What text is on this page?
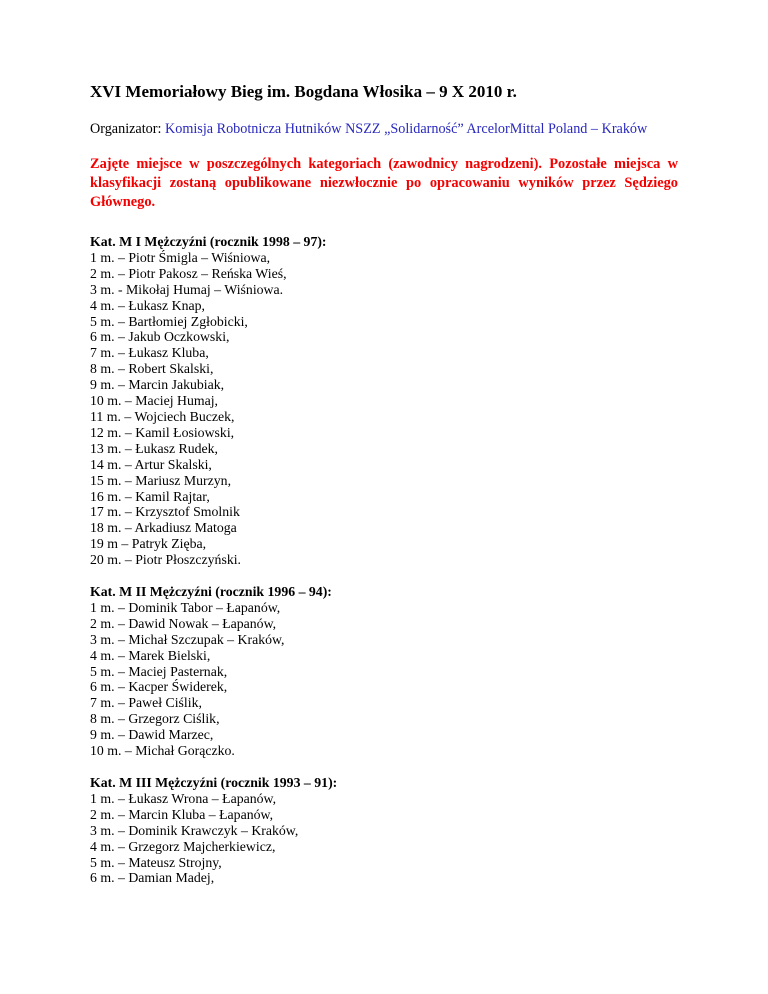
XVI Memoriałowy Bieg im. Bogdana Włosika – 9 X 2010 r.

Organizator: Komisja Robotnicza Hutników NSZZ „Solidarność” ArcelorMittal Poland – Kraków

Zajęte miejsce w poszczególnych kategoriach (zawodnicy nagrodzeni). Pozostałe miejsca w klasyfikacji zostaną opublikowane niezwłocznie po opracowaniu wyników przez Sędziego Głównego.

Kat. M I Mężczyźni (rocznik 1998 – 97):
1 m. – Piotr Śmigla – Wiśniowa,
2 m. – Piotr Pakosz – Reńska Wieś,
3 m. - Mikołaj Humaj – Wiśniowa.
4 m. – Łukasz Knap,
5 m. – Bartłomiej Zgłobicki,
6 m. – Jakub Oczkowski,
7 m. – Łukasz Kluba,
8 m. – Robert Skalski,
9 m. – Marcin Jakubiak,
10 m. – Maciej Humaj,
11 m. – Wojciech Buczek,
12 m. – Kamil Łosiowski,
13 m. – Łukasz Rudek,
14 m. – Artur Skalski,
15 m. – Mariusz Murzyn,
16 m. – Kamil Rajtar,
17 m. – Krzysztof Smolnik
18 m. – Arkadiusz Matoga
19 m – Patryk Zięba,
20 m. – Piotr Płoszczyński.
Kat. M II Mężczyźni (rocznik 1996 – 94):
1 m. – Dominik Tabor – Łapanów,
2 m. – Dawid Nowak – Łapanów,
3 m. – Michał Szczupak – Kraków,
4 m. – Marek Bielski,
5 m. – Maciej Pasternak,
6 m. – Kacper Świderek,
7 m. – Paweł Ciślik,
8 m. – Grzegorz Ciślik,
9 m. – Dawid Marzec,
10 m. – Michał Gorączko.
Kat. M III Mężczyźni (rocznik 1993 – 91):
1 m. – Łukasz Wrona – Łapanów,
2 m. – Marcin Kluba – Łapanów,
3 m. – Dominik Krawczyk – Kraków,
4 m. – Grzegorz Majcherkiewicz,
5 m. – Mateusz Strojny,
6 m. – Damian Madej,
